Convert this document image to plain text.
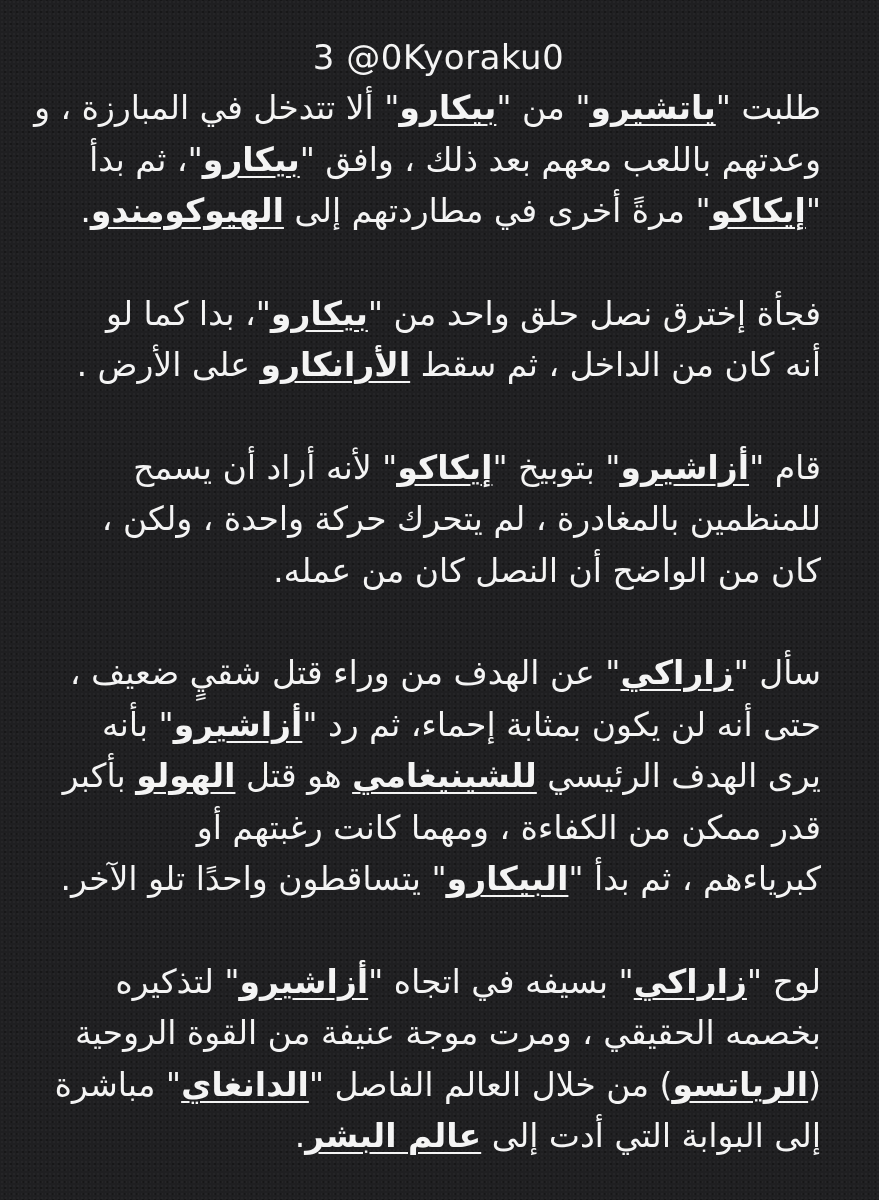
3 @0Kyoraku0
طلبت "ياتشيرو" من "بيكارو" ألا تتدخل في المبارزة ، و
وعدتهم باللعب معهم بعد ذلك ، وافق "بيكارو"، ثم بدأ
"إيكاكو" مرةً أخرى في مطاردتهم إلى الهيوكومندو.
فجأة إخترق نصل حلق واحد من "بيكارو"، بدا كما لو
أنه كان من الداخل ، ثم سقط الأرانكارو على الأرض .
قام "أزاشيرو" بتوبيخ "إيكاكو" لأنه أراد أن يسمح
للمنظمين بالمغادرة ، لم يتحرك حركة واحدة ، ولكن ،
كان من الواضح أن النصل كان من عمله.
سأل "زاراكي" عن الهدف من وراء قتل شقيٍ ضعيف ،
حتى أنه لن يكون بمثابة إحماء، ثم رد "أزاشيرو" بأنه
يرى الهدف الرئيسي للشينيغامي هو قتل الهولو بأكبر
قدر ممكن من الكفاءة ، ومهما كانت رغبتهم أو
كبرياءهم ، ثم بدأ "البيكارو" يتساقطون واحدًا تلو الآخر.
لوح "زاراكي" بسيفه في اتجاه "أزاشيرو" لتذكيره
بخصمه الحقيقي ، ومرت موجة عنيفة من القوة الروحية
(الرياتسو) من خلال العالم الفاصل "الدانغاي" مباشرة
إلى البوابة التي أدت إلى عالم البشر.
